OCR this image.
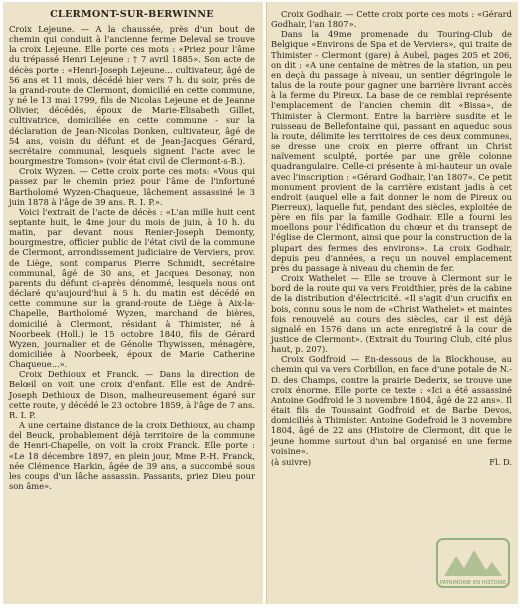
CLERMONT-SUR-BERWINNE

Croix Lejeune. — A la chaussée, près d'un bout de chemin qui conduit à l'ancienne ferme Deleval se trouve la croix Lejeune. Elle porte ces mots : «Priez pour l'âme du trépassé Henri Lejeune : † 7 avril 1885». Son acte de décès porte : «Henri-Joseph Lejeune... cultivateur, âgé de 56 ans et 11 mois, décédé hier vers 7 h. du soir, près de la grand-route de Clermont, domicilié en cette commune, y né le 13 mai 1799, fils de Nicolas Lejeune et de Jeanne Olivier, décédés, époux de Marie-Elisabeth Gillet, cultivatrice, domiciliée en cette commune - sur la déclaration de Jean-Nicolas Donken, cultivateur, âgé de 54 ans, voisin du défunt et de Jean-Jacques Gérard, secrétaire communal, lesquels signent l'acte avec le bourgmestre Tomson» (voir état civil de Clermont-s-B.).

Croix Wyzen. — Cette croix porte ces mots: «Vous qui passez par le chemin priez pour l'âme de l'infortuné Bartholomé Wyzen-Chaqueue, lâchement assassiné le 3 juin 1878 à l'âge de 39 ans. R. I. P.».

Voici l'extrait de l'acte de décès : «L'an mille huit cent septante huit, le 4me jour du mois de juin, à 10 h. du matin, par devant nous Renier-Joseph Demonty, bourgmestre, officier public de l'état civil de la commune de Clermont, arrondissement judiciaire de Verviers, prov. de Liège, sont comparus Pierre Schmidt, secrétaire communal, âgé de 30 ans, et Jacques Desonay, non parents du défunt ci-après dénommé, lesquels nous ont déclaré qu'aujourd'hui à 5 h. du matin est décédé en cette commune sur la grand-route de Liège à Aix-la-Chapelle, Bartholomé Wyzen, marchand de bières, domicilié à Clermont, résidant à Thimister, né à Noorbeek (Holl.) le 15 octobre 1840, fils de Gérard Wyzen, journalier et de Génolie Thywissen, ménagère, domiciliée à Noorbeek, époux de Marie Catherine Chaqueue...».

Croix Dethioux et Franck. — Dans la direction de Belœil on voit une croix d'enfant. Elle est de André-Joseph Dethioux de Dison, malheureusement égaré sur cette route, y décédé le 23 octobre 1859, à l'âge de 7 ans. R. I. P.

A une certaine distance de la croix Dethioux, au champ del Beuck, probablement déjà territoire de la commune de Henri-Chapelle, on voit la croix Franck. Elle porte : «Le 18 décembre 1897, en plein jour, Mme P.-H. Franck, née Clémence Harkin, âgée de 39 ans, a succombé sous les coups d'un lâche assassin. Passants, priez Dieu pour son âme».

Croix Godhair. — Cette croix porte ces mots : «Gérard Godhair, l'an 1807».

Dans la 49me promenade du Touring-Club de Belgique «Environs de Spa et de Verviers», qui traite de Thimister - Clermont (gare) à Aubel, pages 205 et 206, on dit : «A une centaine de mètres de la station, un peu en deçà du passage à niveau, un sentier dégringole le talus de la route pour gagner une barrière livrant accès à la ferme du Pireux. La base de ce remblai représente l'emplacement de l'ancien chemin dit «Bissa», de Thimister à Clermont. Entre la barrière susdite et le ruisseau de Bellefontaine qui, passant en aqueduc sous la route, délimite les territoires de ces deux communes, se dresse une croix en pierre offrant un Christ naïvement sculpté, portée par une grêle colonne quadrangulaire. Celle-ci présente à mi-hauteur un ovale avec l'inscription : «Gérard Godhair, l'an 1807». Ce petit monument provient de la carrière existant jadis à cet endroit (auquel elle a fait donner le nom de Pireux ou Pierreux), laquelle fut, pendant des siècles, exploitée de père en fils par la famille Godhair. Elle a fourni les moellons pour l'édification du chœur et du transept de l'église de Clermont, ainsi que pour la construction de la plupart des fermes des environs». La croix Godhair, depuis peu d'années, a reçu un nouvel emplacement près du passage à niveau du chemin de fer.

Croix Wathelet — Elle se trouve à Clermont sur le bord de la route qui va vers Froidthier, près de la cabine de la distribution d'électricité. «Il s'agit d'un crucifix en bois, connu sous le nom de «Christ Wathelet» et maintes fois renouvelé au cours des siècles, car il est déjà signalé en 1576 dans un acte enregistré à la cour de justice de Clermont». (Extrait du Touring Club, cité plus haut, p. 207).

Croix Godfroid — En-dessous de la Blockhouse, au chemin qui va vers Corbillon, en face d'une potale de N.-D. des Champs, contre la prairie Dederix, se trouve une croix énorme. Elle porte ce texte : «Ici a été assassiné Antoine Godfroid le 3 novembre 1804, âgé de 22 ans». Il était fils de Toussaint Godfroid et de Barbe Devos, domiciliés à Thimister. Antoine Godefroid le 3 novembre 1804, âgé de 22 ans (Histoire de Clermont, dit que le jeune homme surtout d'un bal organisé en une ferme voisine».

(à suivre)	Fl. D.
PATRIMOINE EN HISTOIRE
